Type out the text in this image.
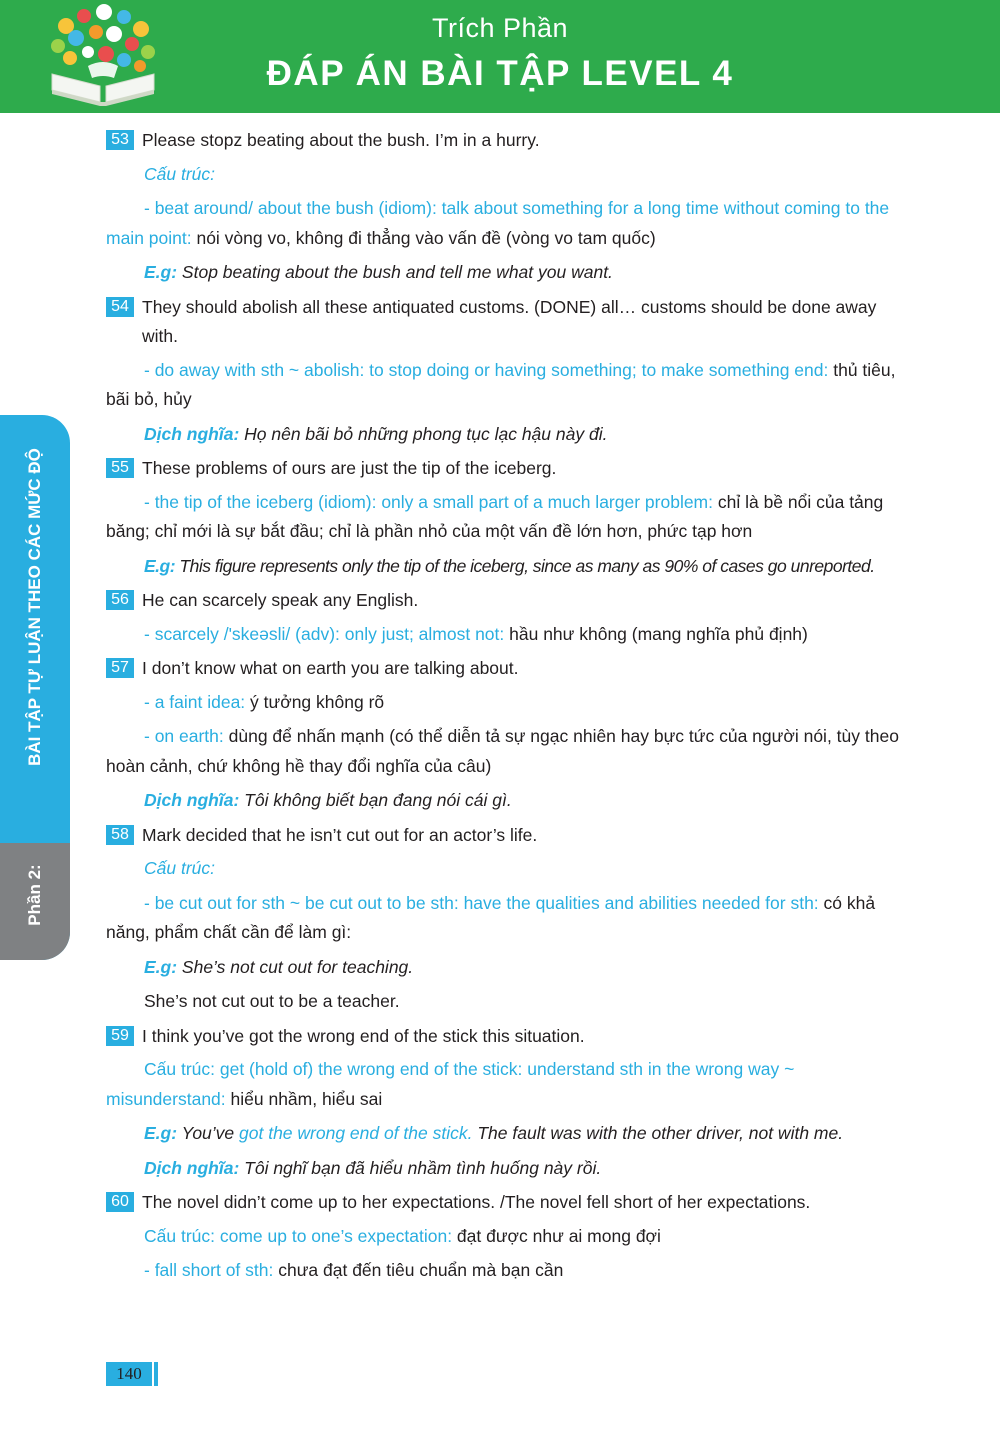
Trích Phần
ĐÁP ÁN BÀI TẬP LEVEL 4
BÀI TẬP TỰ LUẬN THEO CÁC MỨC ĐỘ
Phần 2:

53 Please stopz beating about the bush. I’m in a hurry.

Cấu trúc:

- beat around/ about the bush (idiom): talk about something for a long time without coming to the main point: nói vòng vo, không đi thẳng vào vấn đề (vòng vo tam quốc)

E.g: Stop beating about the bush and tell me what you want.

54 They should abolish all these antiquated customs. (DONE) all… customs should be done away with.

- do away with sth ~ abolish: to stop doing or having something; to make something end: thủ tiêu, bãi bỏ, hủy

Dịch nghĩa: Họ nên bãi bỏ những phong tục lạc hậu này đi.

55 These problems of ours are just the tip of the iceberg.

- the tip of the iceberg (idiom): only a small part of a much larger problem: chỉ là bề nổi của tảng băng; chỉ mới là sự bắt đầu; chỉ là phần nhỏ của một vấn đề lớn hơn, phức tạp hơn

E.g: This figure represents only the tip of the iceberg, since as many as 90% of cases go unreported.

56 He can scarcely speak any English.

- scarcely /'skeəsli/ (adv): only just; almost not: hầu như không (mang nghĩa phủ định)

57 I don’t know what on earth you are talking about.

- a faint idea: ý tưởng không rõ

- on earth: dùng để nhấn mạnh (có thể diễn tả sự ngạc nhiên hay bực tức của người nói, tùy theo hoàn cảnh, chứ không hề thay đổi nghĩa của câu)

Dịch nghĩa: Tôi không biết bạn đang nói cái gì.

58 Mark decided that he isn’t cut out for an actor’s life.

Cấu trúc:

- be cut out for sth ~ be cut out to be sth: have the qualities and abilities needed for sth: có khả năng, phẩm chất cần để làm gì:

E.g: She’s not cut out for teaching.

She’s not cut out to be a teacher.

59 I think you’ve got the wrong end of the stick this situation.

Cấu trúc: get (hold of) the wrong end of the stick: understand sth in the wrong way ~ misunderstand: hiểu nhầm, hiểu sai

E.g: You’ve got the wrong end of the stick. The fault was with the other driver, not with me.

Dịch nghĩa: Tôi nghĩ bạn đã hiểu nhầm tình huống này rồi.

60 The novel didn’t come up to her expectations. /The novel fell short of her expectations.

Cấu trúc: come up to one’s expectation: đạt được như ai mong đợi

- fall short of sth: chưa đạt đến tiêu chuẩn mà bạn cần

140
